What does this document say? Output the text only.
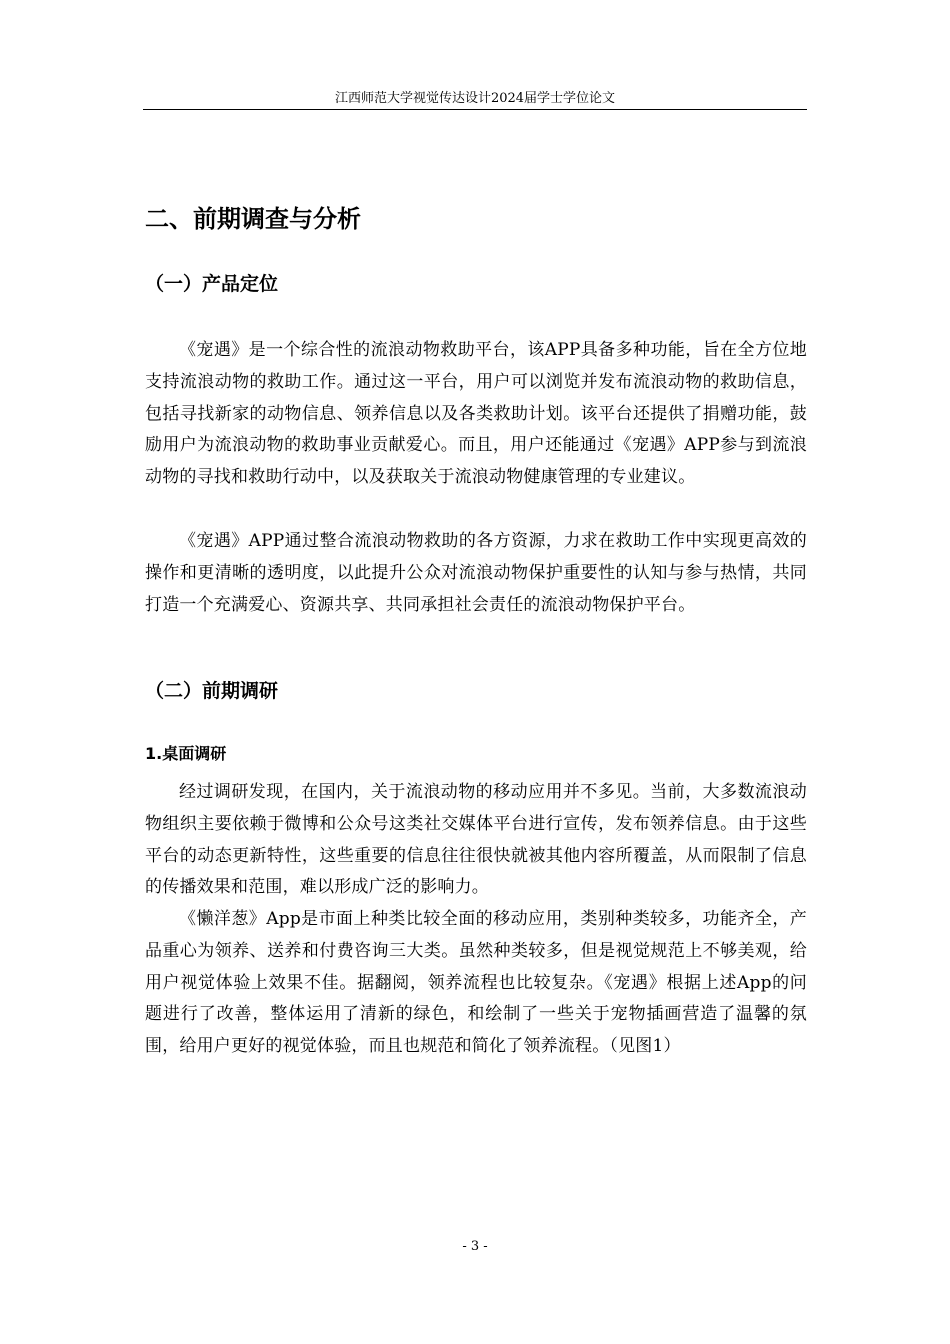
江西师范大学视觉传达设计2024届学士学位论文
二、前期调查与分析
（一）产品定位

《宠遇》是一个综合性的流浪动物救助平台，该APP具备多种功能，旨在全方位地支持流浪动物的救助工作。通过这一平台，用户可以浏览并发布流浪动物的救助信息，包括寻找新家的动物信息、领养信息以及各类救助计划。该平台还提供了捐赠功能，鼓励用户为流浪动物的救助事业贡献爱心。而且，用户还能通过《宠遇》APP参与到流浪动物的寻找和救助行动中，以及获取关于流浪动物健康管理的专业建议。

《宠遇》APP通过整合流浪动物救助的各方资源，力求在救助工作中实现更高效的操作和更清晰的透明度，以此提升公众对流浪动物保护重要性的认知与参与热情，共同打造一个充满爱心、资源共享、共同承担社会责任的流浪动物保护平台。

（二）前期调研
1.桌面调研

经过调研发现，在国内，关于流浪动物的移动应用并不多见。当前，大多数流浪动物组织主要依赖于微博和公众号这类社交媒体平台进行宣传，发布领养信息。由于这些平台的动态更新特性，这些重要的信息往往很快就被其他内容所覆盖，从而限制了信息的传播效果和范围，难以形成广泛的影响力。

《懒洋葱》App是市面上种类比较全面的移动应用，类别种类较多，功能齐全，产品重心为领养、送养和付费咨询三大类。虽然种类较多，但是视觉规范上不够美观，给用户视觉体验上效果不佳。据翻阅，领养流程也比较复杂。《宠遇》根据上述App的问题进行了改善，整体运用了清新的绿色，和绘制了一些关于宠物插画营造了温馨的氛围，给用户更好的视觉体验，而且也规范和简化了领养流程。（见图1）

- 3 -
